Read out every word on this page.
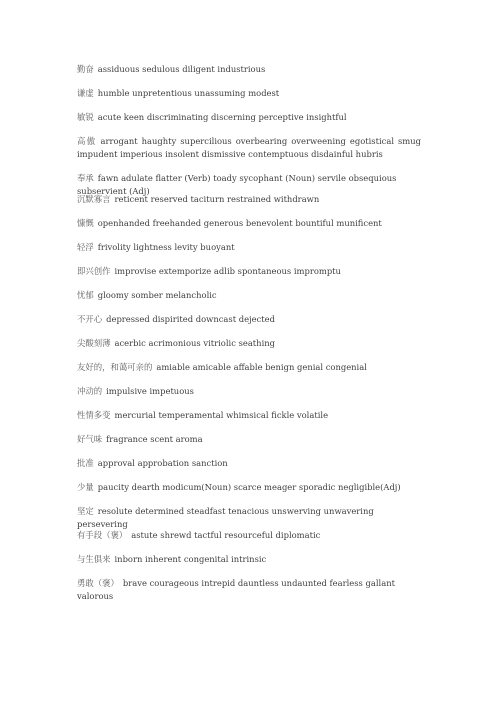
勤奋 assiduous sedulous diligent industrious
谦虚 humble unpretentious unassuming modest
敏锐 acute keen discriminating discerning perceptive insightful
高傲 arrogant haughty supercilious overbearing overweening egotistical smug impudent imperious insolent dismissive contemptuous disdainful hubris
奉承 fawn adulate flatter (Verb) toady sycophant (Noun) servile obsequious subservient (Adj)
沉默寡言 reticent reserved taciturn restrained withdrawn
慷慨 openhanded freehanded generous benevolent bountiful munificent
轻浮 frivolity lightness levity buoyant
即兴创作 improvise extemporize adlib spontaneous impromptu
忧郁 gloomy somber melancholic
不开心 depressed dispirited downcast dejected
尖酸刻薄 acerbic acrimonious vitriolic seathing
友好的，和蔼可亲的 amiable amicable affable benign genial congenial
冲动的 impulsive impetuous
性情多变 mercurial temperamental whimsical fickle volatile
好气味 fragrance scent aroma
批准 approval approbation sanction
少量 paucity dearth modicum(Noun) scarce meager sporadic negligible(Adj)
坚定 resolute determined steadfast tenacious unswerving unwavering persevering
有手段（褒） astute shrewd tactful resourceful diplomatic
与生俱来 inborn inherent congenital intrinsic
勇敢（褒） brave courageous intrepid dauntless undaunted fearless gallant valorous
